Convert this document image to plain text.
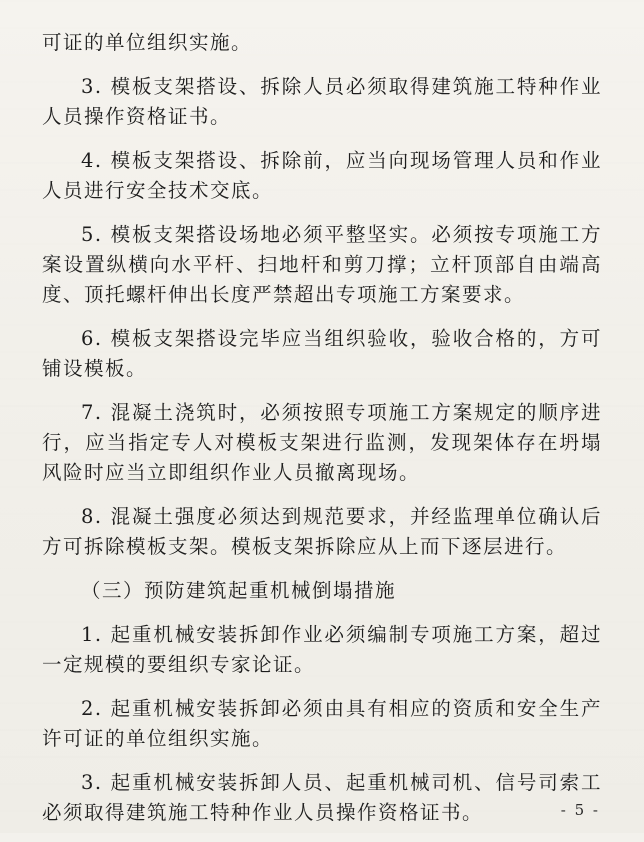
可证的单位组织实施。

3. 模板支架搭设、拆除人员必须取得建筑施工特种作业人员操作资格证书。

4. 模板支架搭设、拆除前，应当向现场管理人员和作业人员进行安全技术交底。

5. 模板支架搭设场地必须平整坚实。必须按专项施工方案设置纵横向水平杆、扫地杆和剪刀撑；立杆顶部自由端高度、顶托螺杆伸出长度严禁超出专项施工方案要求。

6. 模板支架搭设完毕应当组织验收，验收合格的，方可铺设模板。

7. 混凝土浇筑时，必须按照专项施工方案规定的顺序进行，应当指定专人对模板支架进行监测，发现架体存在坍塌风险时应当立即组织作业人员撤离现场。

8. 混凝土强度必须达到规范要求，并经监理单位确认后方可拆除模板支架。模板支架拆除应从上而下逐层进行。

（三）预防建筑起重机械倒塌措施

1. 起重机械安装拆卸作业必须编制专项施工方案，超过一定规模的要组织专家论证。

2. 起重机械安装拆卸必须由具有相应的资质和安全生产许可证的单位组织实施。

3. 起重机械安装拆卸人员、起重机械司机、信号司索工必须取得建筑施工特种作业人员操作资格证书。	- 5 -
